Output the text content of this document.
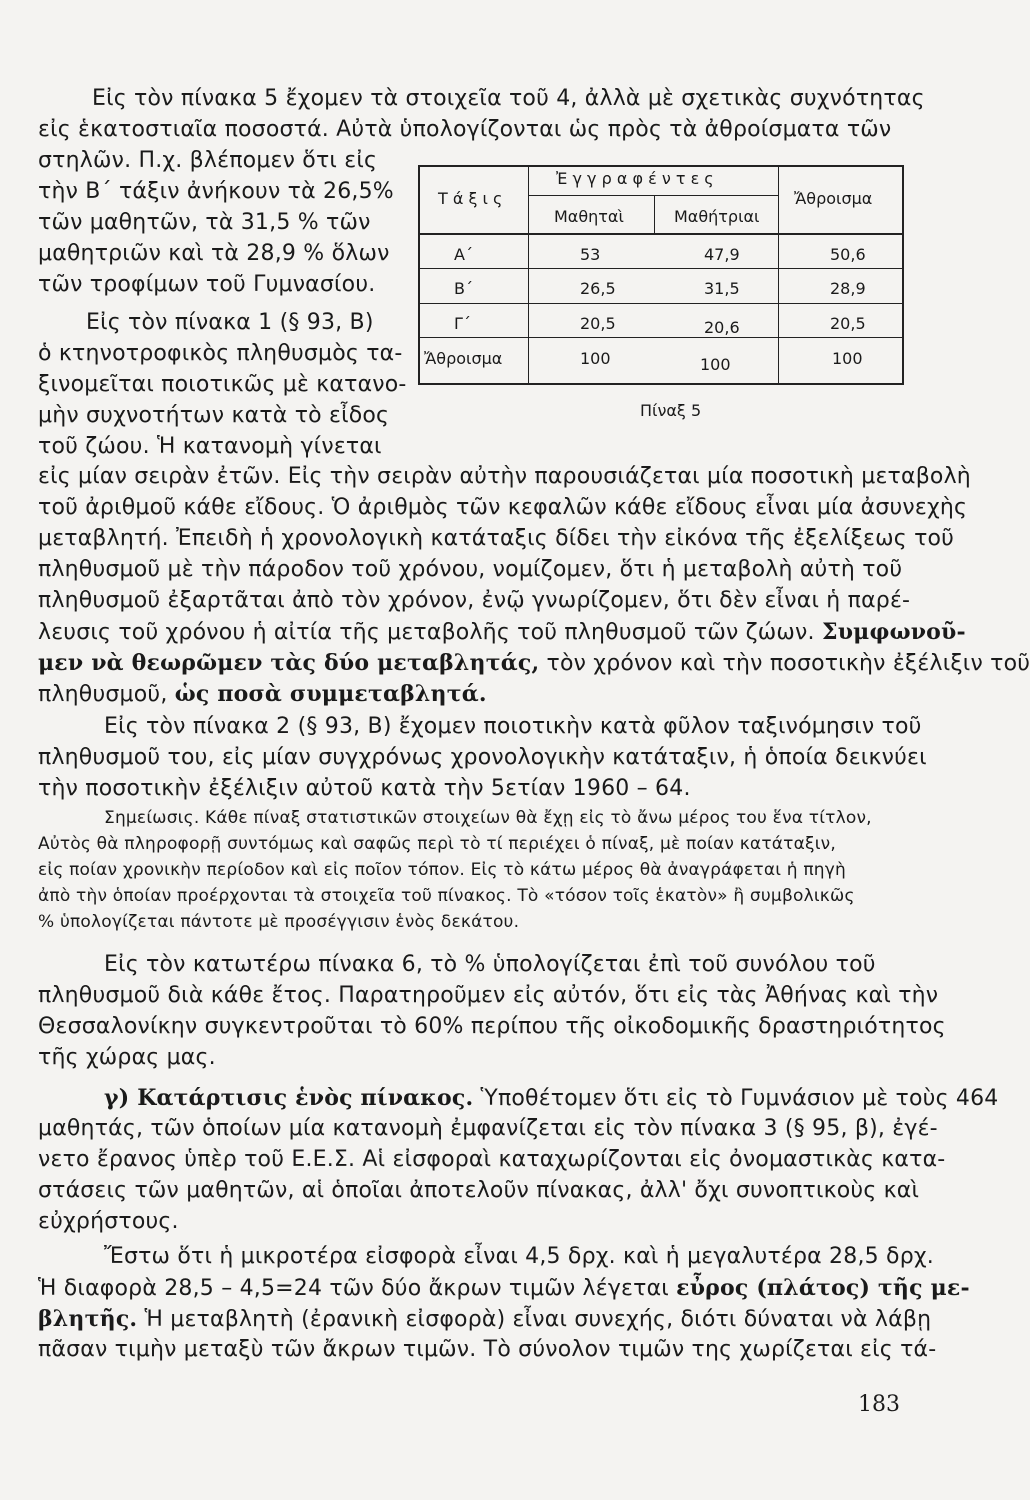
Εἰς τὸν πίνακα 5 ἔχομεν τὰ στοιχεῖα τοῦ 4, ἀλλὰ μὲ σχετικὰς συχνότητας

εἰς ἑκατοστιαῖα ποσοστά. Αὐτὰ ὑπολογίζονται ὡς πρὸς τὰ ἀθροίσματα τῶν

στηλῶν. Π.χ. βλέπομεν ὅτι εἰς

τὴν Β΄ τάξιν ἀνήκουν τὰ 26,5%

τῶν μαθητῶν, τὰ 31,5 % τῶν

μαθητριῶν καὶ τὰ 28,9 % ὅλων

τῶν τροφίμων τοῦ Γυμνασίου.

Εἰς τὸν πίνακα 1 (§ 93, Β)

ὁ κτηνοτροφικὸς πληθυσμὸς τα-

ξινομεῖται ποιοτικῶς μὲ κατανο-

μὴν συχνοτήτων κατὰ τὸ εἶδος

τοῦ ζώου. Ἡ κατανομὴ γίνεται

εἰς μίαν σειρὰν ἐτῶν. Εἰς τὴν σειρὰν αὐτὴν παρουσιάζεται μία ποσοτικὴ μεταβολὴ

τοῦ ἀριθμοῦ κάθε εἴδους. Ὁ ἀριθμὸς τῶν κεφαλῶν κάθε εἴδους εἶναι μία ἀσυνεχὴς

μεταβλητή. Ἐπειδὴ ἡ χρονολογικὴ κατάταξις δίδει τὴν εἰκόνα τῆς ἐξελίξεως τοῦ

πληθυσμοῦ μὲ τὴν πάροδον τοῦ χρόνου, νομίζομεν, ὅτι ἡ μεταβολὴ αὐτὴ τοῦ

πληθυσμοῦ ἐξαρτᾶται ἀπὸ τὸν χρόνον, ἐνῷ γνωρίζομεν, ὅτι δὲν εἶναι ἡ παρέ-

λευσις τοῦ χρόνου ἡ αἰτία τῆς μεταβολῆς τοῦ πληθυσμοῦ τῶν ζώων. Συμφωνοῦ-

μεν νὰ θεωρῶμεν τὰς δύο μεταβλητάς, τὸν χρόνον καὶ τὴν ποσοτικὴν ἐξέλιξιν τοῦ

πληθυσμοῦ, ὡς ποσὰ συμμεταβλητά.

Εἰς τὸν πίνακα 2 (§ 93, Β) ἔχομεν ποιοτικὴν κατὰ φῦλον ταξινόμησιν τοῦ

πληθυσμοῦ του, εἰς μίαν συγχρόνως χρονολογικὴν κατάταξιν, ἡ ὁποία δεικνύει

τὴν ποσοτικὴν ἐξέλιξιν αὐτοῦ κατὰ τὴν 5ετίαν 1960 – 64.

Σημείωσις. Κάθε πίναξ στατιστικῶν στοιχείων θὰ ἔχῃ εἰς τὸ ἄνω μέρος του ἕνα τίτλον,

Αὐτὸς θὰ πληροφορῇ συντόμως καὶ σαφῶς περὶ τὸ τί περιέχει ὁ πίναξ, μὲ ποίαν κατάταξιν,

εἰς ποίαν χρονικὴν περίοδον καὶ εἰς ποῖον τόπον. Εἰς τὸ κάτω μέρος θὰ ἀναγράφεται ἡ πηγὴ

ἀπὸ τὴν ὁποίαν προέρχονται τὰ στοιχεῖα τοῦ πίνακος. Τὸ «τόσον τοῖς ἑκατὸν» ἢ συμβολικῶς

% ὑπολογίζεται πάντοτε μὲ προσέγγισιν ἑνὸς δεκάτου.

Εἰς τὸν κατωτέρω πίνακα 6, τὸ % ὑπολογίζεται ἐπὶ τοῦ συνόλου τοῦ

πληθυσμοῦ διὰ κάθε ἔτος. Παρατηροῦμεν εἰς αὐτόν, ὅτι εἰς τὰς Ἀθήνας καὶ τὴν

Θεσσαλονίκην συγκεντροῦται τὸ 60% περίπου τῆς οἰκοδομικῆς δραστηριότητος

τῆς χώρας μας.

γ) Κατάρτισις ἑνὸς πίνακος. Ὑποθέτομεν ὅτι εἰς τὸ Γυμνάσιον μὲ τοὺς 464

μαθητάς, τῶν ὁποίων μία κατανομὴ ἐμφανίζεται εἰς τὸν πίνακα 3 (§ 95, β), ἐγέ-

νετο ἔρανος ὑπὲρ τοῦ Ε.Ε.Σ. Αἱ εἰσφοραὶ καταχωρίζονται εἰς ὀνομαστικὰς κατα-

στάσεις τῶν μαθητῶν, αἱ ὁποῖαι ἀποτελοῦν πίνακας, ἀλλ' ὄχι συνοπτικοὺς καὶ

εὐχρήστους.

Ἔστω ὅτι ἡ μικροτέρα εἰσφορὰ εἶναι 4,5 δρχ. καὶ ἡ μεγαλυτέρα 28,5 δρχ.

Ἡ διαφορὰ 28,5 – 4,5=24 τῶν δύο ἄκρων τιμῶν λέγεται εὖρος (πλάτος) τῆς με-

βλητῆς. Ἡ μεταβλητὴ (ἐρανικὴ εἰσφορὰ) εἶναι συνεχής, διότι δύναται νὰ λάβῃ

πᾶσαν τιμὴν μεταξὺ τῶν ἄκρων τιμῶν. Τὸ σύνολον τιμῶν της χωρίζεται εἰς τά-

Τ ά ξ ι ς
Ἐ γ γ ρ α φ έ ν τ ε ς
Μαθηταὶ	Μαθήτριαι
Ἄθροισμα
Α΄	53	47,9	50,6
Β΄	26,5	31,5	28,9
Γ΄	20,5	20,6	20,5
Ἄθροισμα	100	100	100
Πίναξ 5
183
